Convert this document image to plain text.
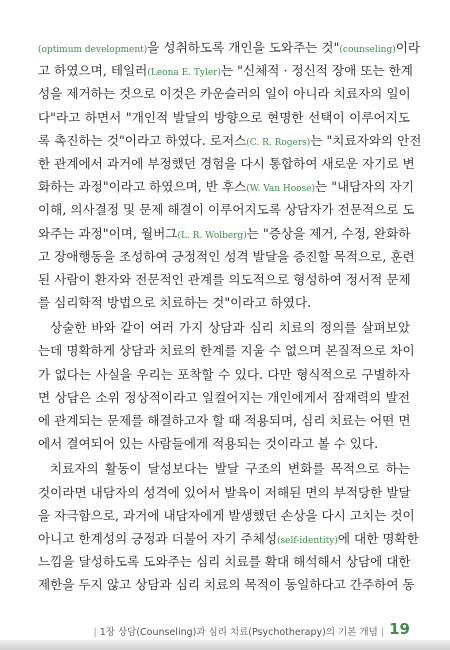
(optimum development)을 성취하도록 개인을 도와주는 것"(counseling)이라
고 하였으며, 테일러(Leona E. Tyler)는 "신체적 · 정신적 장애 또는 한계
성을 제거하는 것으로 이것은 카운슬러의 일이 아니라 치료자의 일이
다"라고 하면서 "개인적 발달의 방향으로 현명한 선택이 이루어지도
록 촉진하는 것"이라고 하였다. 로저스(C. R. Rogers)는 "치료자와의 안전
한 관계에서 과거에 부정했던 경험을 다시 통합하여 새로운 자기로 변
화하는 과정"이라고 하였으며, 반 후스(W. Van Hoose)는 "내담자의 자기
이해, 의사결정 및 문제 해결이 이루어지도록 상담자가 전문적으로 도
와주는 과정"이며, 월버그(L. R. Wolberg)는 "증상을 제거, 수정, 완화하
고 장애행동을 조성하여 긍정적인 성격 발달을 증진할 목적으로, 훈련
된 사람이 환자와 전문적인 관계를 의도적으로 형성하여 정서적 문제
를 심리학적 방법으로 치료하는 것"이라고 하였다.
상술한 바와 같이 여러 가지 상담과 심리 치료의 정의를 살펴보았
는데 명확하게 상담과 치료의 한계를 지울 수 없으며 본질적으로 차이
가 없다는 사실을 우리는 포착할 수 있다. 다만 형식적으로 구별하자
면 상담은 소위 정상적이라고 일컬어지는 개인에게서 잠재력의 발전
에 관계되는 문제를 해결하고자 할 때 적용되며, 심리 치료는 어떤 면
에서 결여되어 있는 사람들에게 적용되는 것이라고 볼 수 있다.
치료자의 활동이 달성보다는 발달 구조의 변화를 목적으로 하는
것이라면 내담자의 성격에 있어서 발육이 저해된 면의 부적당한 발달
을 자극함으로, 과거에 내담자에게 발생했던 손상을 다시 고치는 것이
아니고 한계성의 긍정과 더불어 자기 주체성(self-identity)에 대한 명확한
느낌을 달성하도록 도와주는 심리 치료를 확대 해석해서 상담에 대한
제한을 두지 않고 상담과 심리 치료의 목적이 동일하다고 간주하여 동
| 1장 상담(Counseling)과 심리 치료(Psychotherapy)의 기본 개념 | 19
